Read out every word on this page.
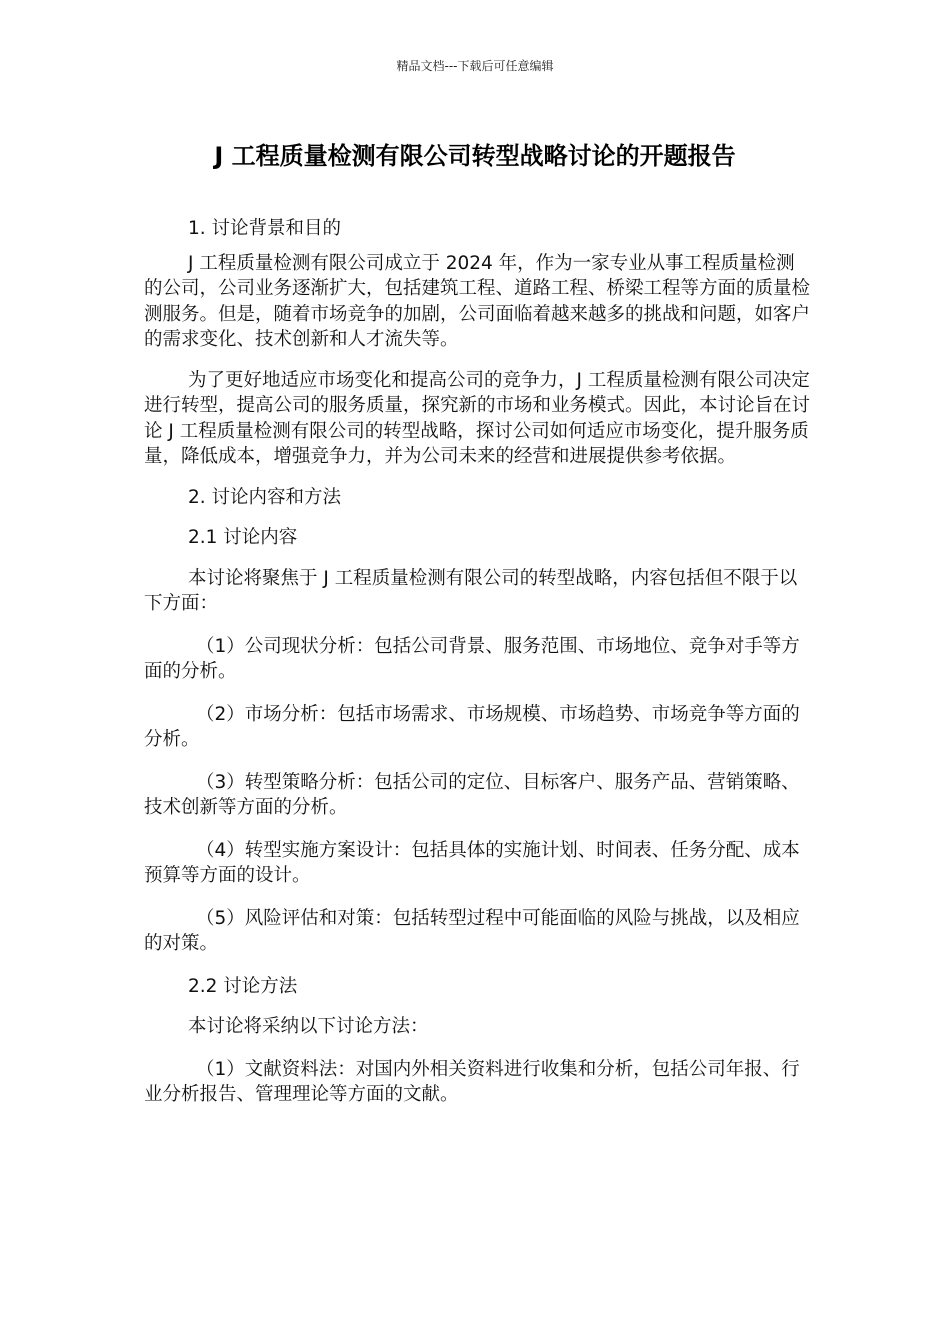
精品文档---下载后可任意编辑
J 工程质量检测有限公司转型战略讨论的开题报告

1. 讨论背景和目的

J 工程质量检测有限公司成立于 2024 年，作为一家专业从事工程质量检测的公司，公司业务逐渐扩大，包括建筑工程、道路工程、桥梁工程等方面的质量检测服务。但是，随着市场竞争的加剧，公司面临着越来越多的挑战和问题，如客户的需求变化、技术创新和人才流失等。

为了更好地适应市场变化和提高公司的竞争力，J 工程质量检测有限公司决定进行转型，提高公司的服务质量，探究新的市场和业务模式。因此，本讨论旨在讨论 J 工程质量检测有限公司的转型战略，探讨公司如何适应市场变化，提升服务质量，降低成本，增强竞争力，并为公司未来的经营和进展提供参考依据。

2. 讨论内容和方法

2.1 讨论内容

本讨论将聚焦于 J 工程质量检测有限公司的转型战略，内容包括但不限于以下方面：

（1）公司现状分析：包括公司背景、服务范围、市场地位、竞争对手等方面的分析。

（2）市场分析：包括市场需求、市场规模、市场趋势、市场竞争等方面的分析。

（3）转型策略分析：包括公司的定位、目标客户、服务产品、营销策略、技术创新等方面的分析。

（4）转型实施方案设计：包括具体的实施计划、时间表、任务分配、成本预算等方面的设计。

（5）风险评估和对策：包括转型过程中可能面临的风险与挑战，以及相应的对策。

2.2 讨论方法

本讨论将采纳以下讨论方法：

（1）文献资料法：对国内外相关资料进行收集和分析，包括公司年报、行业分析报告、管理理论等方面的文献。
